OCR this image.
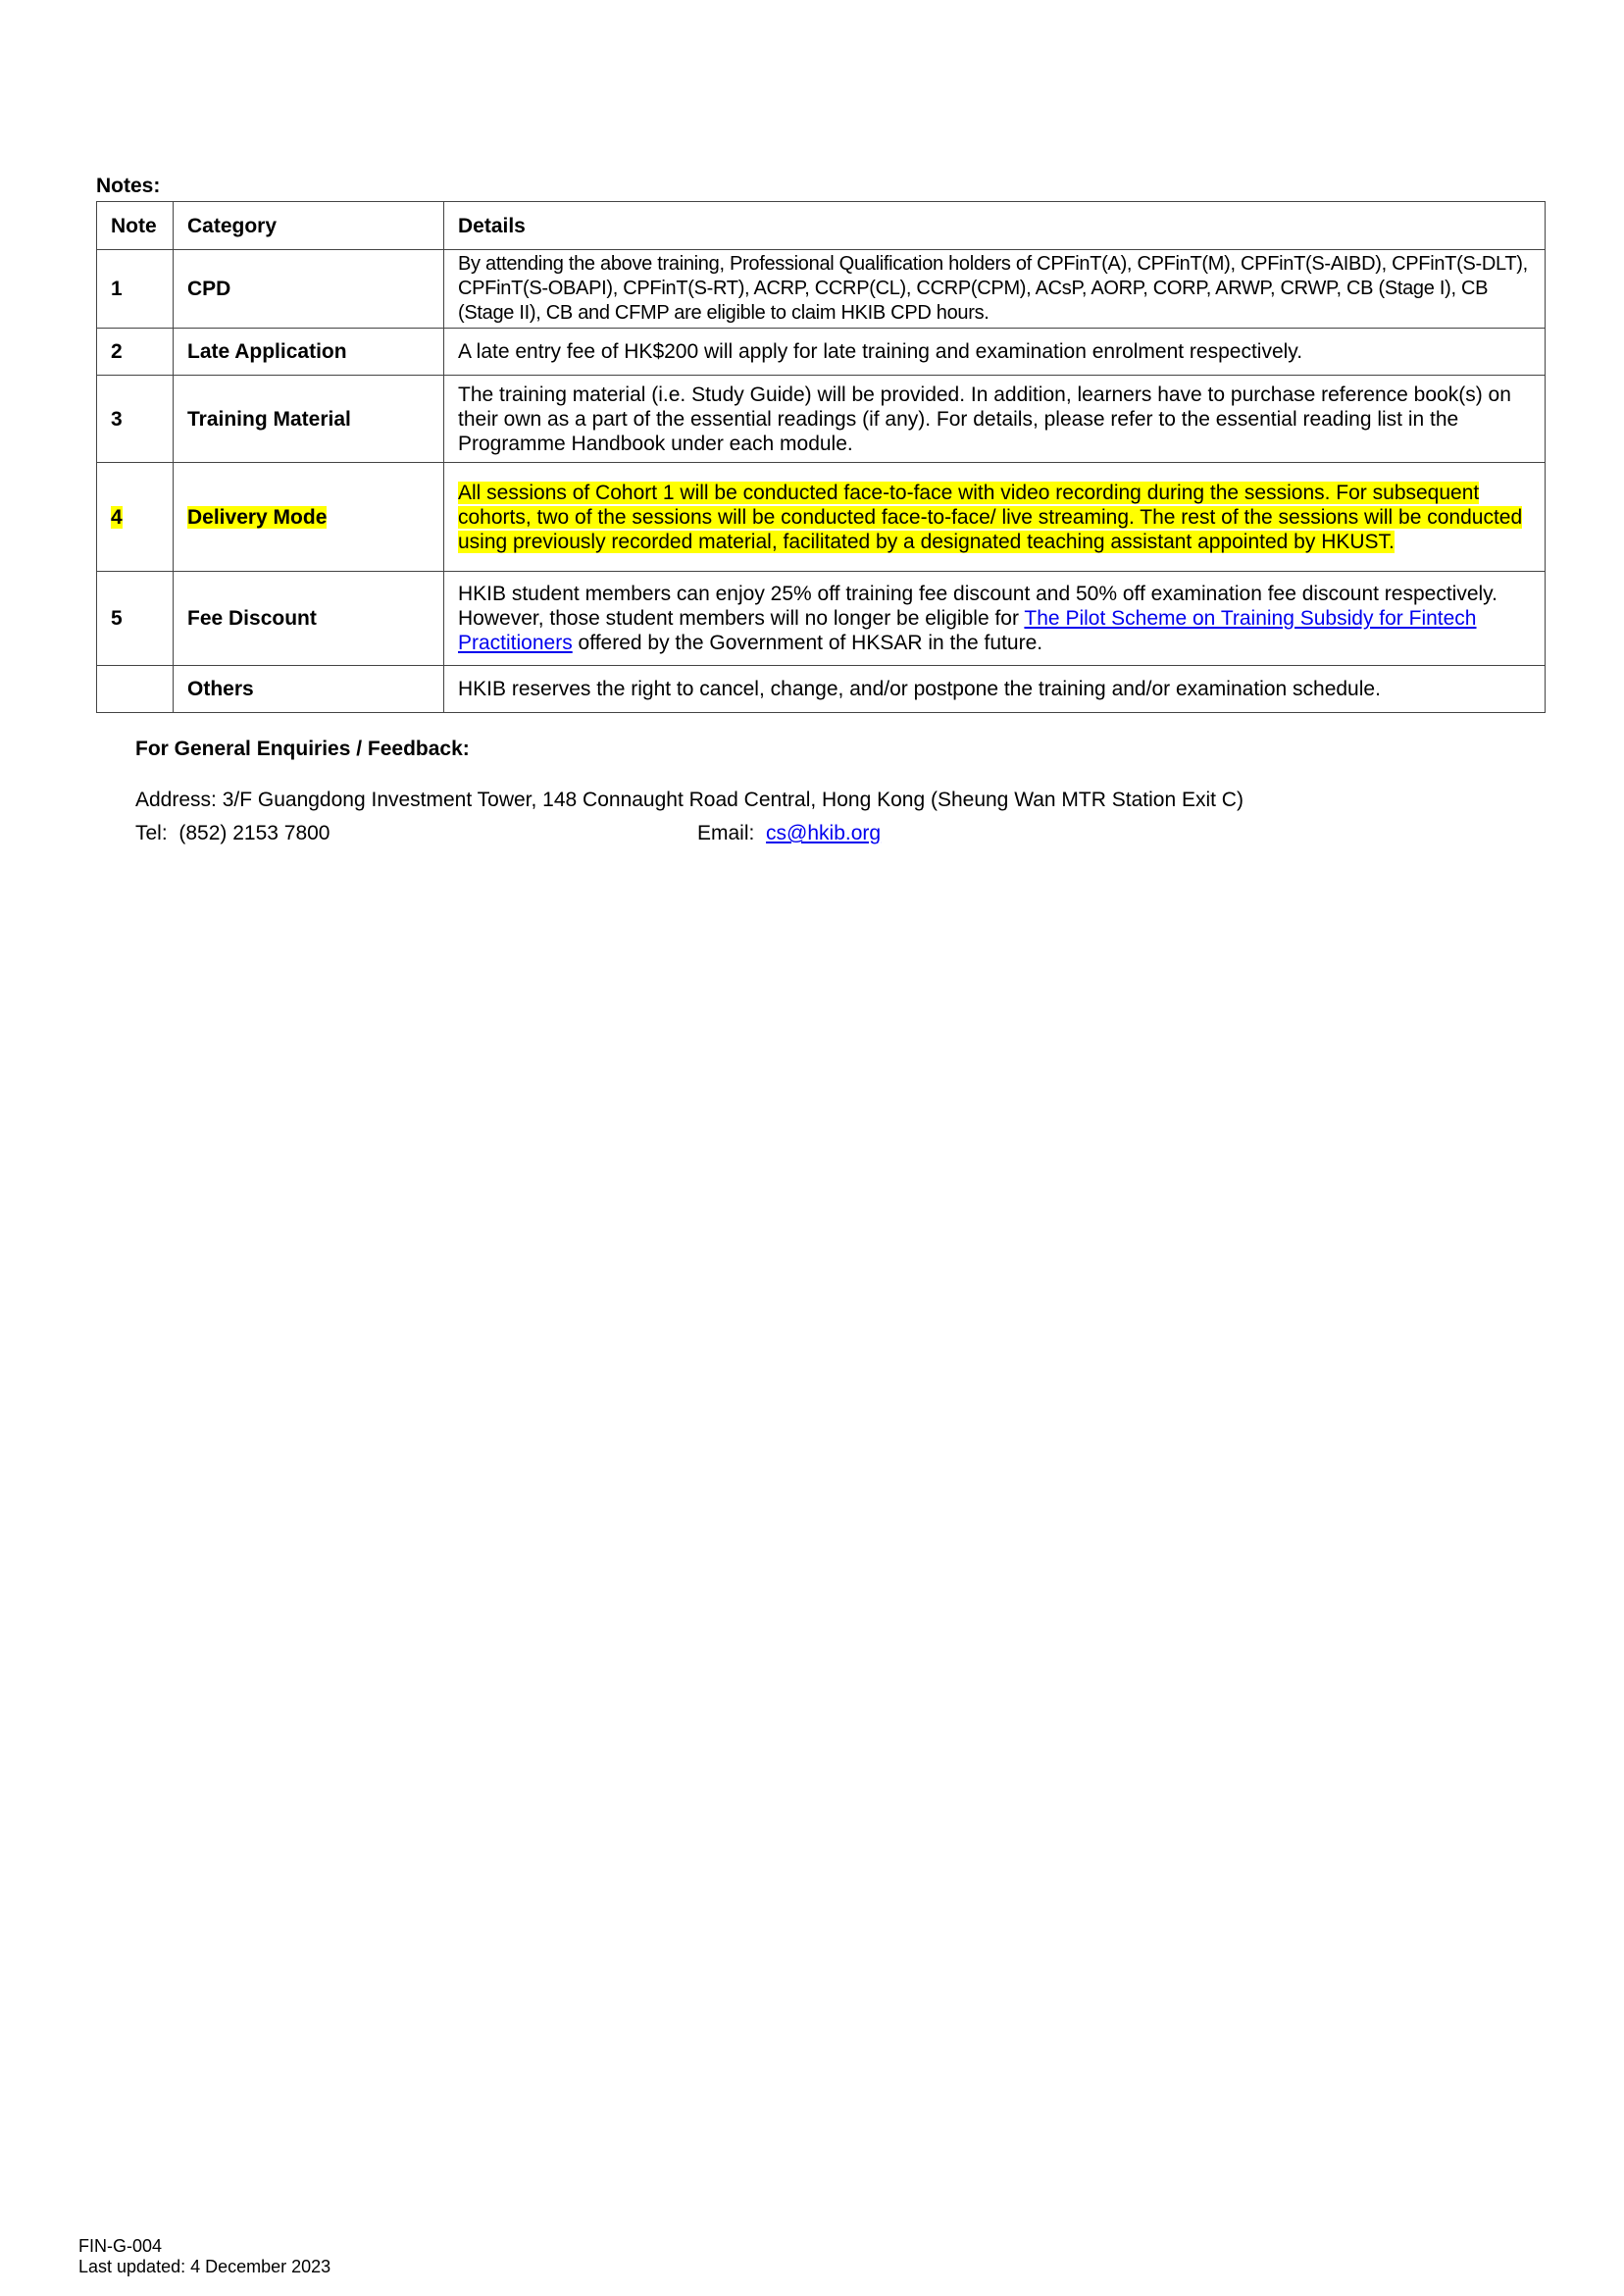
Notes:
Note	Category	Details
1	CPD	By attending the above training, Professional Qualification holders of CPFinT(A), CPFinT(M), CPFinT(S-AIBD), CPFinT(S-DLT), CPFinT(S-OBAPI), CPFinT(S-RT), ACRP, CCRP(CL), CCRP(CPM), ACsP, AORP, CORP, ARWP, CRWP, CB (Stage I), CB (Stage II), CB and CFMP are eligible to claim HKIB CPD hours.
2	Late Application	A late entry fee of HK$200 will apply for late training and examination enrolment respectively.
3	Training Material	The training material (i.e. Study Guide) will be provided. In addition, learners have to purchase reference book(s) on their own as a part of the essential readings (if any). For details, please refer to the essential reading list in the Programme Handbook under each module.
4	Delivery Mode	All sessions of Cohort 1 will be conducted face-to-face with video recording during the sessions. For subsequent cohorts, two of the sessions will be conducted face-to-face/ live streaming. The rest of the sessions will be conducted using previously recorded material, facilitated by a designated teaching assistant appointed by HKUST.
5	Fee Discount	HKIB student members can enjoy 25% off training fee discount and 50% off examination fee discount respectively. However, those student members will no longer be eligible for The Pilot Scheme on Training Subsidy for Fintech Practitioners offered by the Government of HKSAR in the future.
	Others	HKIB reserves the right to cancel, change, and/or postpone the training and/or examination schedule.
For General Enquiries / Feedback:
Address: 3/F Guangdong Investment Tower, 148 Connaught Road Central, Hong Kong (Sheung Wan MTR Station Exit C)
Tel: (852) 2153 7800	Email: cs@hkib.org
FIN-G-004
Last updated: 4 December 2023
